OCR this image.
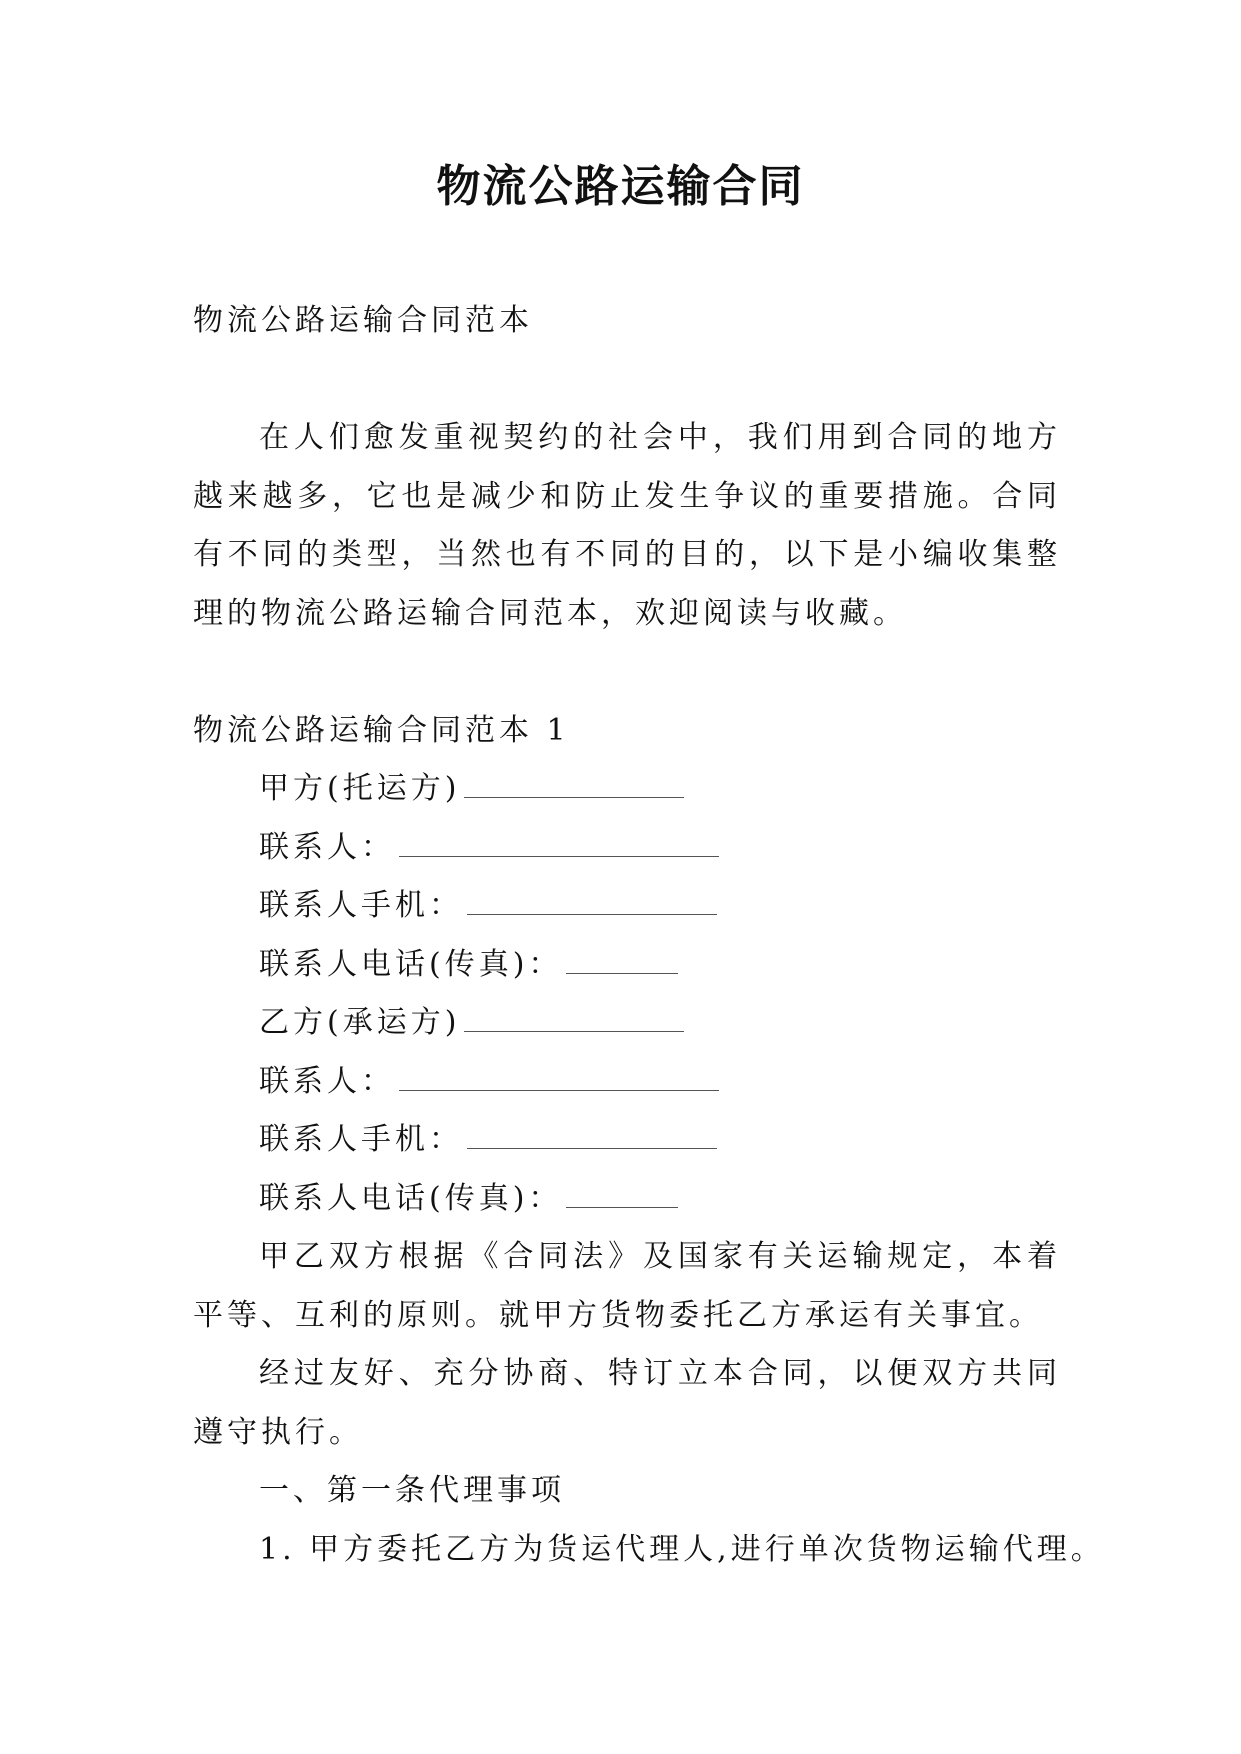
物流公路运输合同
物流公路运输合同范本
在人们愈发重视契约的社会中，我们用到合同的地方越来越多，它也是减少和防止发生争议的重要措施。合同有不同的类型，当然也有不同的目的，以下是小编收集整理的物流公路运输合同范本，欢迎阅读与收藏。
物流公路运输合同范本 1
甲方(托运方)
联系人：
联系人手机：
联系人电话(传真)：
乙方(承运方)
联系人：
联系人手机：
联系人电话(传真)：
甲乙双方根据《合同法》及国家有关运输规定，本着平等、互利的原则。就甲方货物委托乙方承运有关事宜。
经过友好、充分协商、特订立本合同，以便双方共同遵守执行。
一、第一条代理事项
1. 甲方委托乙方为货运代理人,进行单次货物运输代理。
